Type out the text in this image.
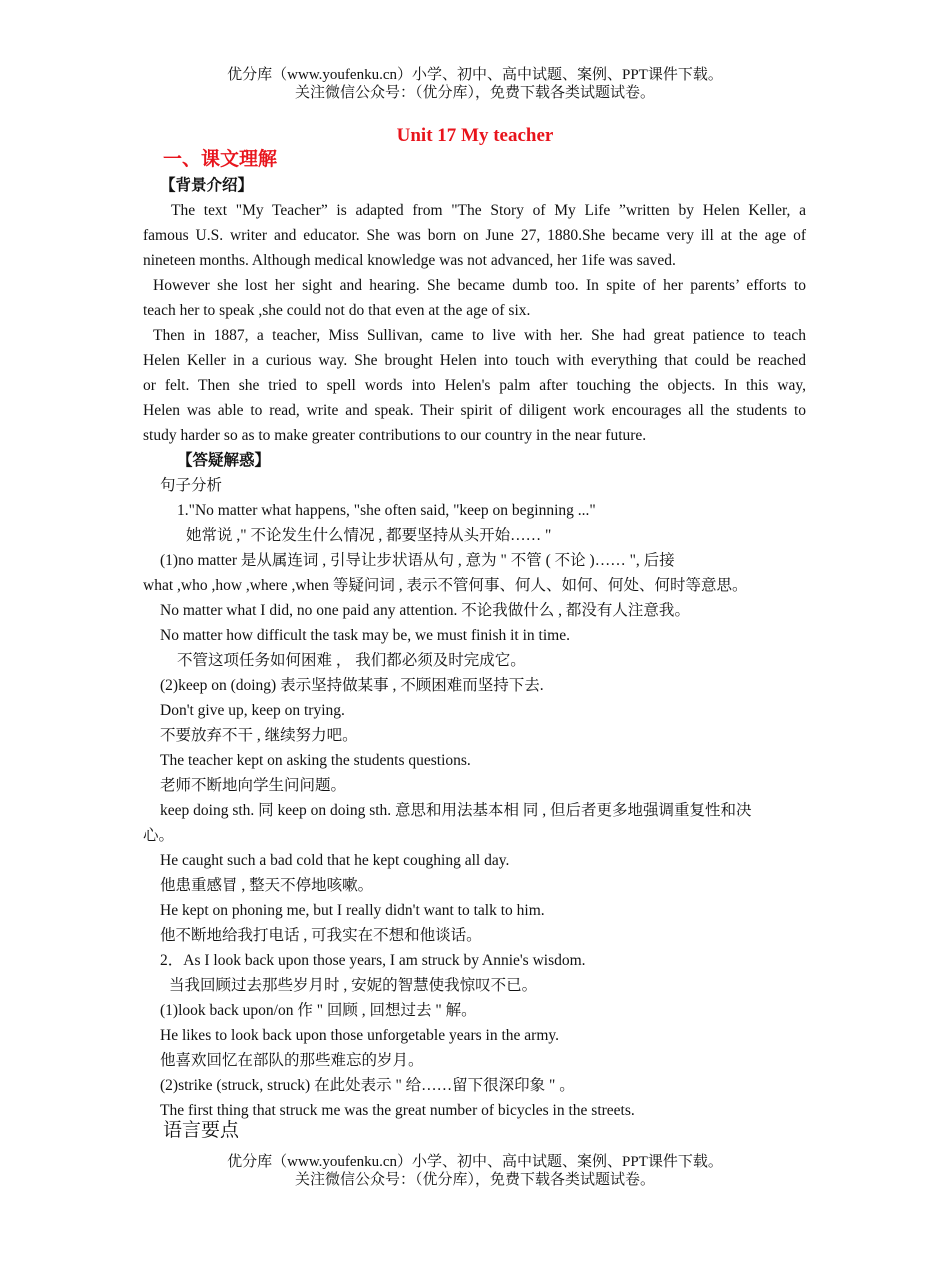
优分库（www.youfenku.cn）小学、初中、高中试题、案例、PPT课件下载。
关注微信公众号：（优分库），免费下载各类试题试卷。
Unit 17 My teacher
一、课文理解
【背景介绍】
The text "My Teacher” is adapted from "The Story of My Life ”written by Helen Keller, a
famous U.S. writer and educator. She was born on June 27, 1880.She became very ill at the age of
nineteen months. Although medical knowledge was not advanced, her 1ife was saved.
However she lost her sight and hearing. She became dumb too. In spite of her parents’ efforts to
teach her to speak ,she could not do that even at the age of six.
Then in 1887, a teacher, Miss Sullivan, came to live with her. She had great patience to teach
Helen Keller in a curious way. She brought Helen into touch with everything that could be reached
or felt. Then she tried to spell words into Helen's palm after touching the objects. In this way,
Helen was able to read, write and speak. Their spirit of diligent work encourages all the students to
study harder so as to make greater contributions to our country in the near future.
【答疑解惑】
句子分析
1."No matter what happens, "she often said, "keep on beginning ..."
她常说 ," 不论发生什么情况 , 都要坚持从头开始…… "
(1)no matter 是从属连词 , 引导让步状语从句 , 意为 " 不管 ( 不论 )…… ", 后接
what ,who ,how ,where ,when 等疑问词 , 表示不管何事、何人、如何、何处、何时等意思。
No matter what I did, no one paid any attention. 不论我做什么 , 都没有人注意我。
No matter how difficult the task may be, we must finish it in time.
不管这项任务如何困难 ， 我们都必须及时完成它。
(2)keep on (doing) 表示坚持做某事 , 不顾困难而坚持下去.
Don't give up, keep on trying.
不要放弃不干 , 继续努力吧。
The teacher kept on asking the students questions.
老师不断地向学生问问题。
keep doing sth. 同 keep on doing sth. 意思和用法基本相 同 , 但后者更多地强调重复性和决
心。
He caught such a bad cold that he kept coughing all day.
他患重感冒 , 整天不停地咳嗽。
He kept on phoning me, but I really didn't want to talk to him.
他不断地给我打电话 , 可我实在不想和他谈话。
2．As I look back upon those years, I am struck by Annie's wisdom.
当我回顾过去那些岁月时 , 安妮的智慧使我惊叹不已。
(1)look back upon/on 作 " 回顾 , 回想过去 " 解。
He likes to look back upon those unforgetable years in the army.
他喜欢回忆在部队的那些难忘的岁月。
(2)strike (struck, struck) 在此处表示 " 给……留下很深印象 " 。
The first thing that struck me was the great number of bicycles in the streets.
语言要点
优分库（www.youfenku.cn）小学、初中、高中试题、案例、PPT课件下载。
关注微信公众号：（优分库），免费下载各类试题试卷。
